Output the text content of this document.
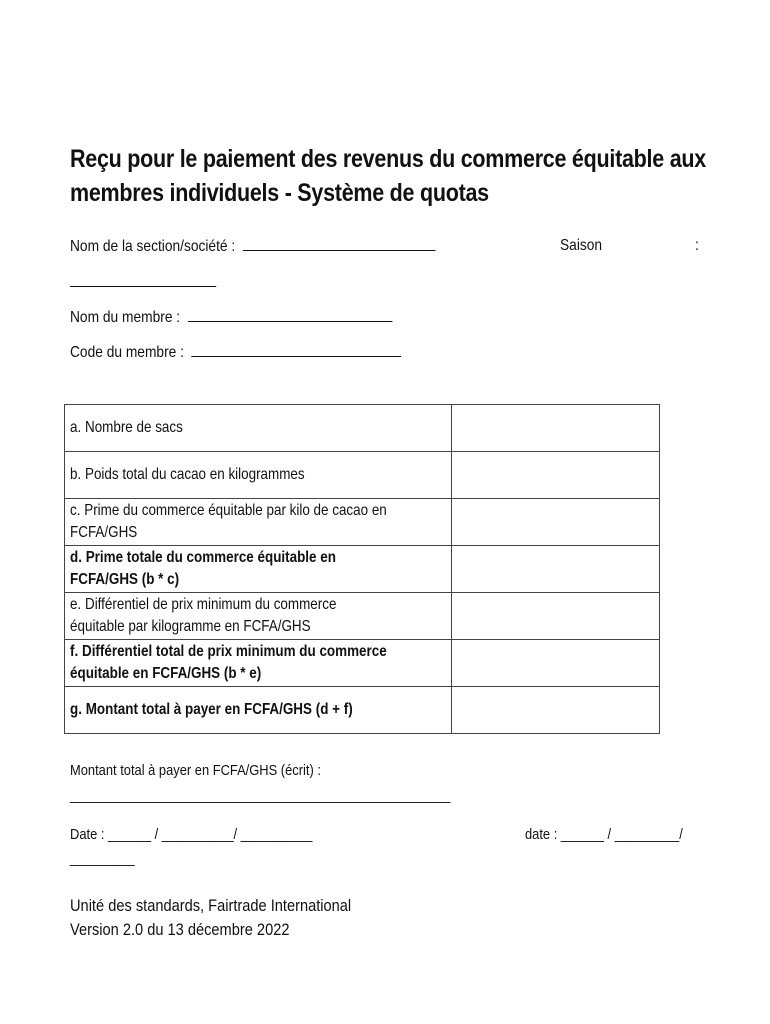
Reçu pour le paiement des revenus du commerce équitable aux
membres individuels - Système de quotas
Nom de la section/société :	Saison	:
Nom du membre :
Code du membre :
a. Nombre de sacs	

b. Poids total du cacao en kilogrammes	

c. Prime du commerce équitable par kilo de cacao en FCFA/GHS	

d. Prime totale du commerce équitable en FCFA/GHS (b * c)	

e. Différentiel de prix minimum du commerce équitable par kilogramme en FCFA/GHS	

f. Différentiel total de prix minimum du commerce équitable en FCFA/GHS (b * e)	

g. Montant total à payer en FCFA/GHS (d + f)	

Montant total à payer en FCFA/GHS (écrit) :
_____________________________________________________
Date : ______ / __________/ __________
_________
date : ______ / _________/
Unité des standards, Fairtrade International
Version 2.0 du 13 décembre 2022
